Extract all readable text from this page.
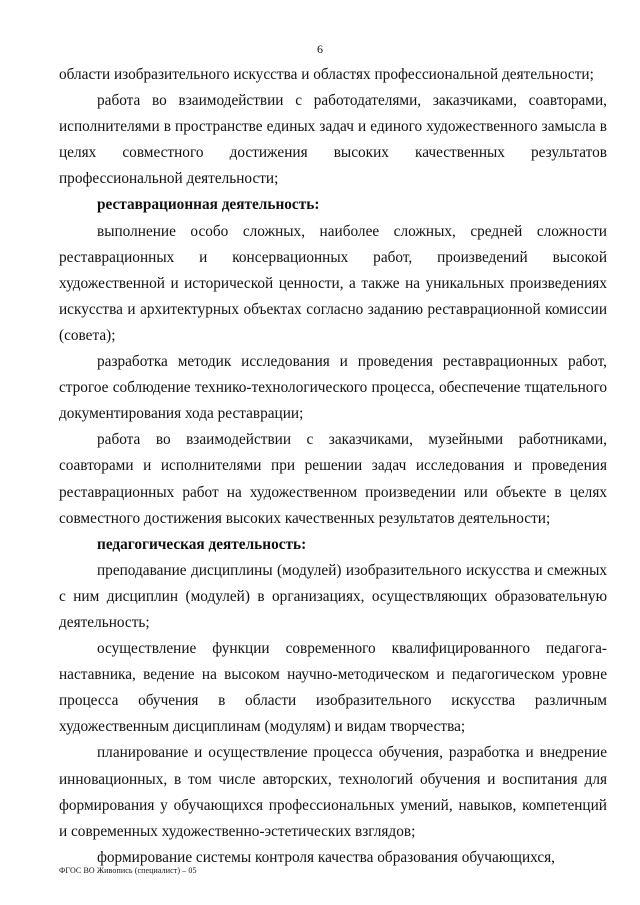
6

области изобразительного искусства и областях профессиональной деятельности;

работа во взаимодействии с работодателями, заказчиками, соавторами, исполнителями в пространстве единых задач и единого художественного замысла в целях совместного достижения высоких качественных результатов профессиональной деятельности;

реставрационная деятельность:

выполнение особо сложных, наиболее сложных, средней сложности реставрационных и консервационных работ, произведений высокой художественной и исторической ценности, а также на уникальных произведениях искусства и архитектурных объектах согласно заданию реставрационной комиссии (совета);

разработка методик исследования и проведения реставрационных работ, строгое соблюдение технико-технологического процесса, обеспечение тщательного документирования хода реставрации;

работа во взаимодействии с заказчиками, музейными работниками, соавторами и исполнителями при решении задач исследования и проведения реставрационных работ на художественном произведении или объекте в целях совместного достижения высоких качественных результатов деятельности;

педагогическая деятельность:

преподавание дисциплины (модулей) изобразительного искусства и смежных с ним дисциплин (модулей) в организациях, осуществляющих образовательную деятельность;

осуществление функции современного квалифицированного педагога-наставника, ведение на высоком научно-методическом и педагогическом уровне процесса обучения в области изобразительного искусства различным художественным дисциплинам (модулям) и видам творчества;

планирование и осуществление процесса обучения, разработка и внедрение инновационных, в том числе авторских, технологий обучения и воспитания для формирования у обучающихся профессиональных умений, навыков, компетенций и современных художественно-эстетических взглядов;

формирование системы контроля качества образования обучающихся,

ФГОС ВО Живопись (специалист) – 05
